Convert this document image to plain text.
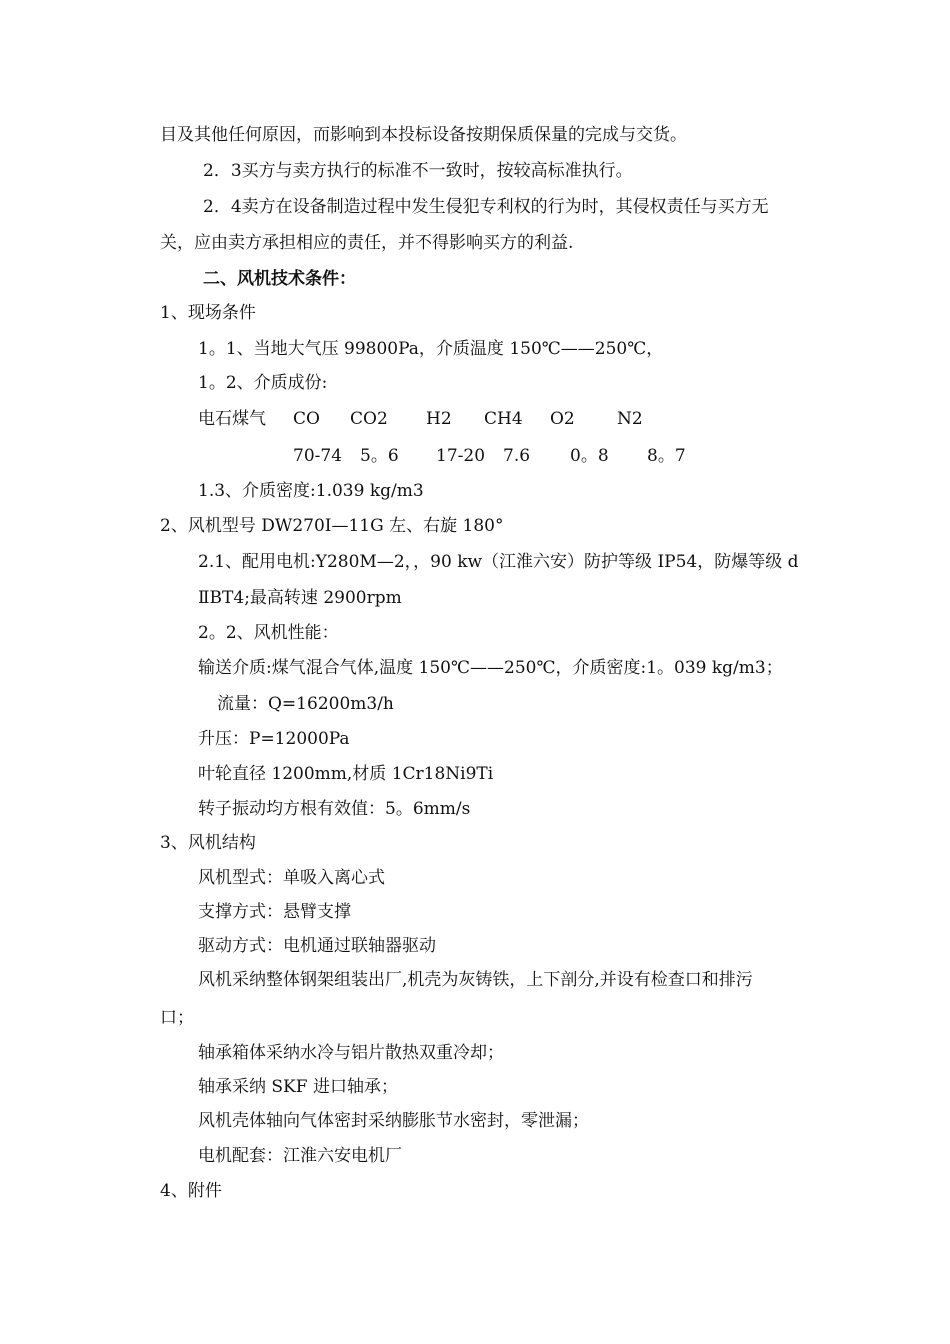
目及其他任何原因，而影响到本投标设备按期保质保量的完成与交货。
2．3买方与卖方执行的标准不一致时，按较高标准执行。
2．4卖方在设备制造过程中发生侵犯专利权的行为时，其侵权责任与买方无
关，应由卖方承担相应的责任，并不得影响买方的利益.
二、风机技术条件：
1、现场条件
1。1、当地大气压 99800Pa，介质温度 150℃——250℃，
1。2、介质成份:
电石煤气 CO CO2 H2 CH4 O2 N2
70-74 5。6 17-20 7.6 0。8 8。7
1.3、介质密度:1.039 kg/m3
2、风机型号 DW270Ⅰ—11G 左、右旋 180°
2.1、配用电机:Y280M—2，，90 kw（江淮六安）防护等级 IP54，防爆等级 d
ⅡBT4;最高转速 2900rpm
2。2、风机性能：
输送介质:煤气混合气体,温度 150℃——250℃，介质密度:1。039 kg/m3；
流量：Q=16200m3/h
升压：P=12000Pa
叶轮直径 1200mm,材质 1Cr18Ni9Ti
转子振动均方根有效值：5。6mm/s
3、风机结构
风机型式：单吸入离心式
支撑方式：悬臂支撑
驱动方式：电机通过联轴器驱动
风机采纳整体钢架组装出厂,机壳为灰铸铁，上下剖分,并设有检查口和排污
口；
轴承箱体采纳水冷与铝片散热双重冷却；
轴承采纳 SKF 进口轴承；
风机壳体轴向气体密封采纳膨胀节水密封，零泄漏；
电机配套：江淮六安电机厂
4、附件
